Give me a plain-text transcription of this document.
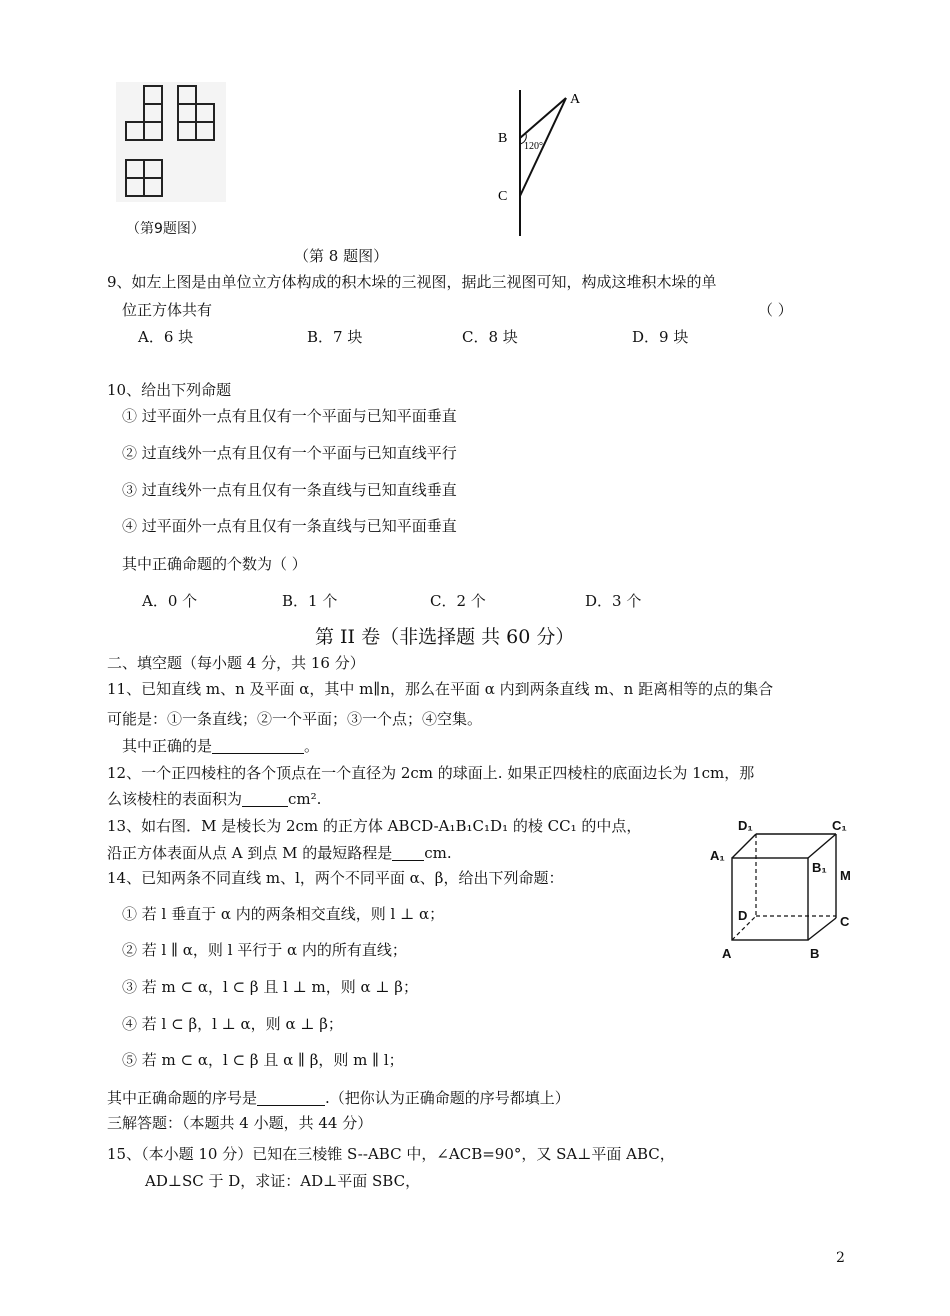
（第9题图）
A
B
C
120°
（第 8 题图）
9、如左上图是由单位立方体构成的积木垛的三视图，据此三视图可知，构成这堆积木垛的单
位正方体共有	（ ）
A．6 块	B．7 块	C．8 块	D．9 块
10、给出下列命题
① 过平面外一点有且仅有一个平面与已知平面垂直
② 过直线外一点有且仅有一个平面与已知直线平行
③ 过直线外一点有且仅有一条直线与已知直线垂直
④ 过平面外一点有且仅有一条直线与已知平面垂直
其中正确命题的个数为（ ）
A．0 个	B．1 个	C．2 个	D．3 个
第 II 卷（非选择题 共 60 分）
二、填空题（每小题 4 分，共 16 分）
11、已知直线 m、n 及平面 α，其中 m∥n，那么在平面 α 内到两条直线 m、n 距离相等的点的集合
可能是：①一条直线；②一个平面；③一个点；④空集。
其中正确的是	。
12、一个正四棱柱的各个顶点在一个直径为 2cm 的球面上. 如果正四棱柱的底面边长为 1cm，那
么该棱柱的表面积为	cm².
13、如右图．M 是棱长为 2cm 的正方体 ABCD-A₁B₁C₁D₁ 的棱 CC₁ 的中点，
沿正方体表面从点 A 到点 M 的最短路程是 cm.
D₁	C₁
A₁
B₁
M
D	C
A	B
14、已知两条不同直线 m、l，两个不同平面 α、β，给出下列命题：
① 若 l 垂直于 α 内的两条相交直线，则 l ⊥ α；
② 若 l ∥ α，则 l 平行于 α 内的所有直线；
③ 若 m ⊂ α，l ⊂ β 且 l ⊥ m，则 α ⊥ β；
④ 若 l ⊂ β，l ⊥ α，则 α ⊥ β；
⑤ 若 m ⊂ α，l ⊂ β 且 α ∥ β，则 m ∥ l；
其中正确命题的序号是	.（把你认为正确命题的序号都填上）
三解答题：（本题共 4 小题，共 44 分）
15、（本小题 10 分）已知在三棱锥 S--ABC 中，∠ACB=90°，又 SA⊥平面 ABC，
AD⊥SC 于 D，求证：AD⊥平面 SBC，
2
